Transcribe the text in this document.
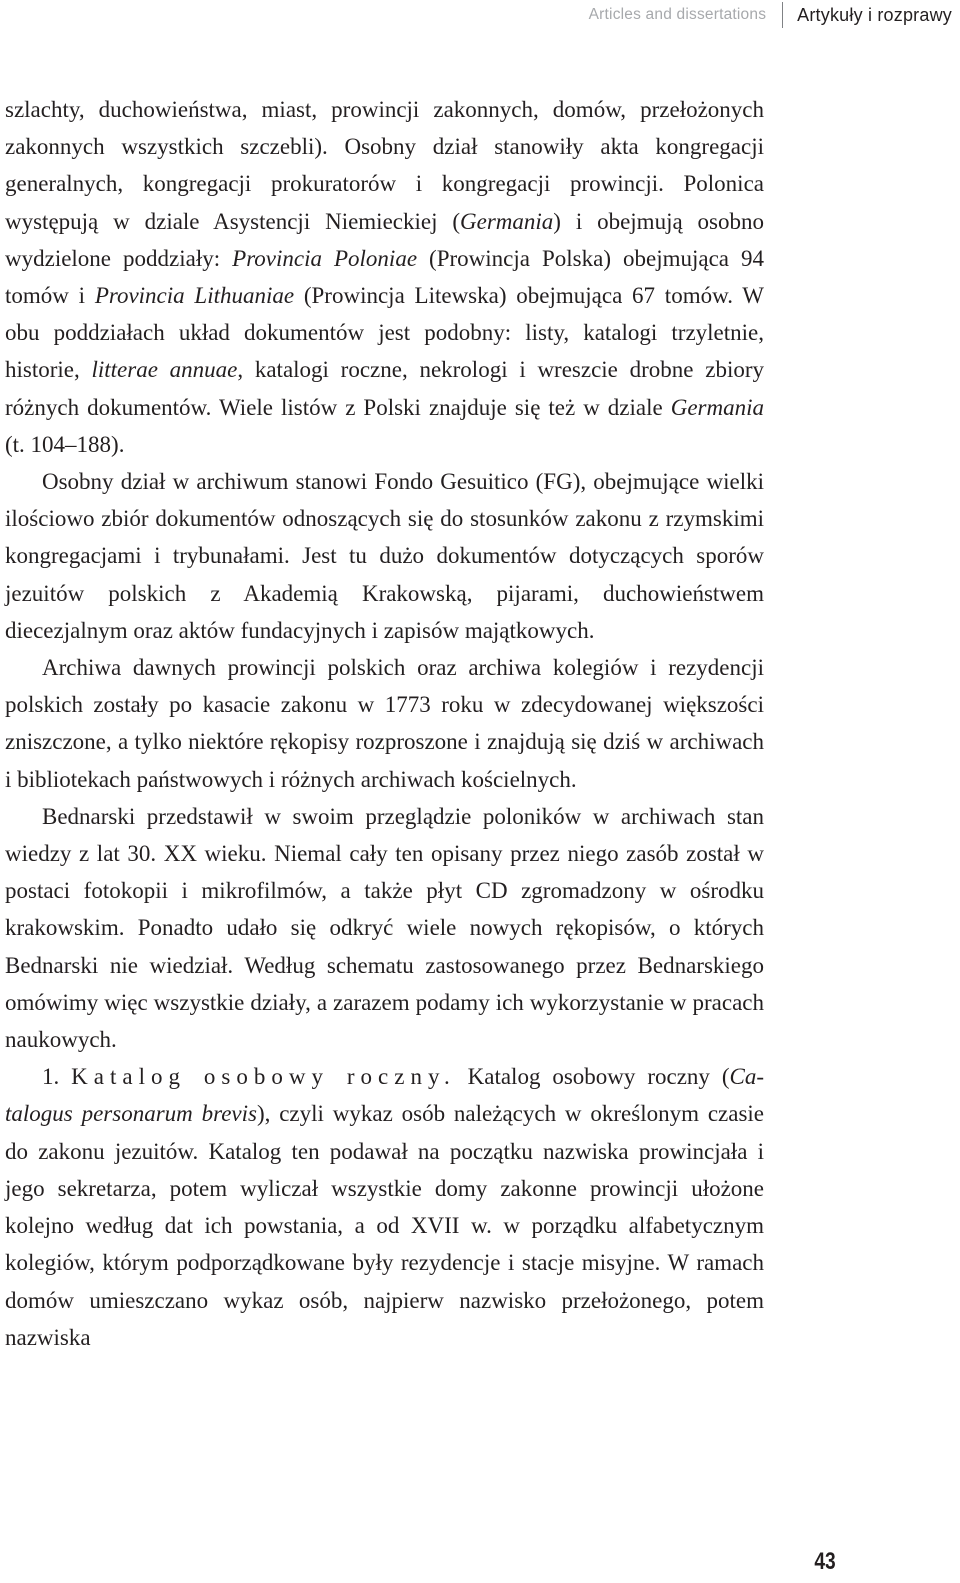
Articles and dissertations Artykuły i rozprawy

szlachty, duchowieństwa, miast, prowincji zakonnych, domów, przełożonych zakonnych wszystkich szczebli). Osobny dział stanowiły akta kongregacji generalnych, kongregacji prokuratorów i kongregacji prowincji. Polonica występują w dziale Asystencji Niemieckiej (Germania) i obejmują osobno wydzielone poddziały: Provincia Poloniae (Prowincja Polska) obejmująca 94 tomów i Provincia Lithuaniae (Prowincja Litewska) obejmująca 67 tomów. W obu poddziałach układ dokumentów jest podobny: listy, katalogi trzyletnie, historie, litterae annuae, katalogi roczne, nekrologi i wreszcie drobne zbiory różnych dokumentów. Wiele listów z Polski znajduje się też w dziale Germania (t. 104–188).

Osobny dział w archiwum stanowi Fondo Gesuitico (FG), obejmujące wielki ilościowo zbiór dokumentów odnoszących się do stosunków zakonu z rzymskimi kongregacjami i trybunałami. Jest tu dużo dokumentów dotyczących sporów jezuitów polskich z Akademią Krakowską, pijarami, duchowieństwem diecezjalnym oraz aktów fundacyjnych i zapisów majątkowych.

Archiwa dawnych prowincji polskich oraz archiwa kolegiów i rezydencji polskich zostały po kasacie zakonu w 1773 roku w zdecydowanej większości zniszczone, a tylko niektóre rękopisy rozproszone i znajdują się dziś w archiwach i bibliotekach państwowych i różnych archiwach kościelnych.

Bednarski przedstawił w swoim przeglądzie poloników w archiwach stan wiedzy z lat 30. XX wieku. Niemal cały ten opisany przez niego zasób został w postaci fotokopii i mikrofilmów, a także płyt CD zgromadzony w ośrodku krakowskim. Ponadto udało się odkryć wiele nowych rękopisów, o których Bednarski nie wiedział. Według schematu zastosowanego przez Bednarskiego omówimy więc wszystkie działy, a zarazem podamy ich wykorzystanie w pracach naukowych.

1. Katalog osobowy roczny. Katalog osobowy roczny (Catalogus personarum brevis), czyli wykaz osób należących w określonym czasie do zakonu jezuitów. Katalog ten podawał na początku nazwiska prowincjała i jego sekretarza, potem wyliczał wszystkie domy zakonne prowincji ułożone kolejno według dat ich powstania, a od XVII w. w porządku alfabetycznym kolegiów, którym podporządkowane były rezydencje i stacje misyjne. W ramach domów umieszczano wykaz osób, najpierw nazwisko przełożonego, potem nazwiska

43
